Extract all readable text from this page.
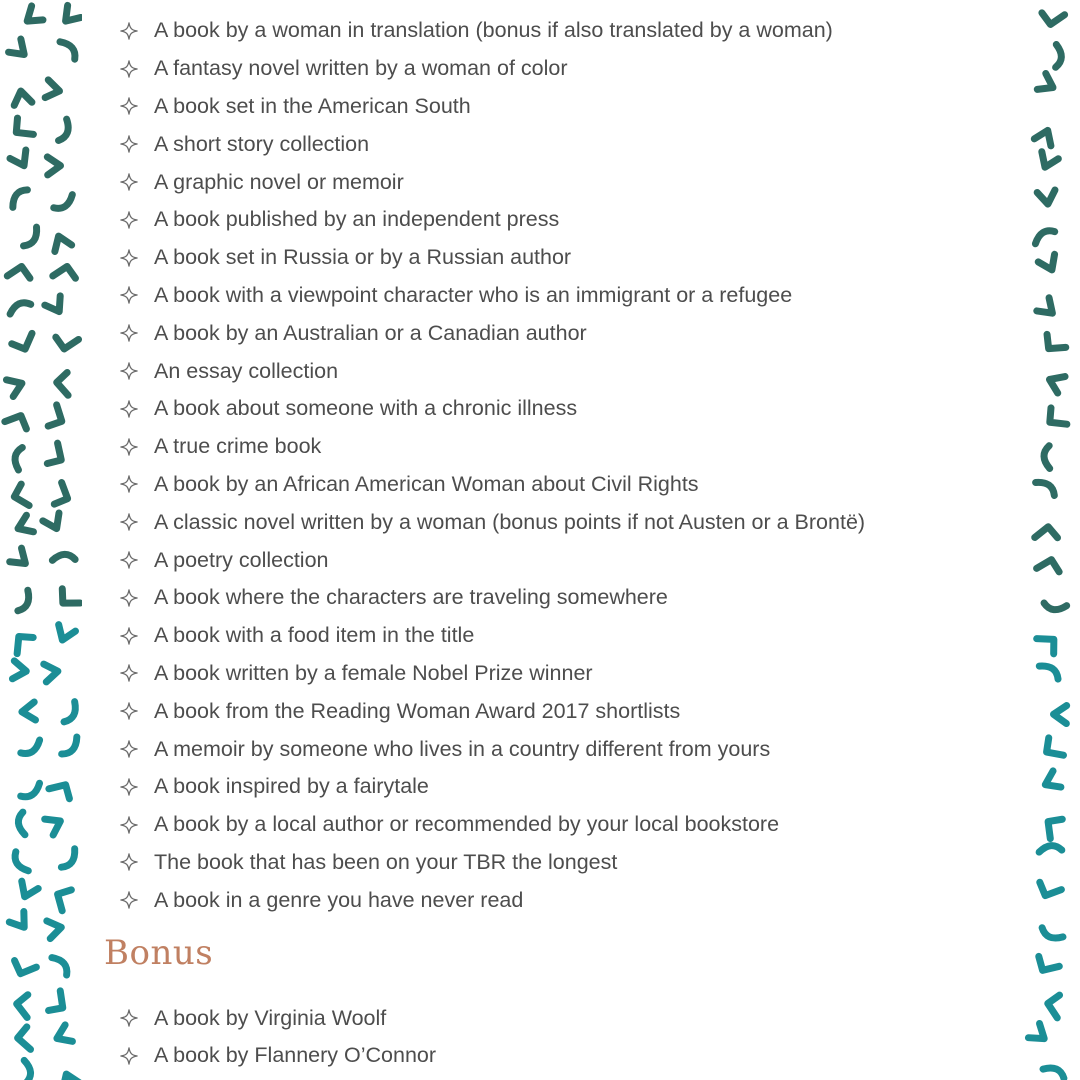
A book by a woman in translation (bonus if also translated by a woman)
A fantasy novel written by a woman of color
A book set in the American South
A short story collection
A graphic novel or memoir
A book published by an independent press
A book set in Russia or by a Russian author
A book with a viewpoint character who is an immigrant or a refugee
A book by an Australian or a Canadian author
An essay collection
A book about someone with a chronic illness
A true crime book
A book by an African American Woman about Civil Rights
A classic novel written by a woman (bonus points if not Austen or a Brontë)
A poetry collection
A book where the characters are traveling somewhere
A book with a food item in the title
A book written by a female Nobel Prize winner
A book from the Reading Woman Award 2017 shortlists
A memoir by someone who lives in a country different from yours
A book inspired by a fairytale
A book by a local author or recommended by your local bookstore
The book that has been on your TBR the longest
A book in a genre you have never read
Bonus
A book by Virginia Woolf
A book by Flannery O’Connor
